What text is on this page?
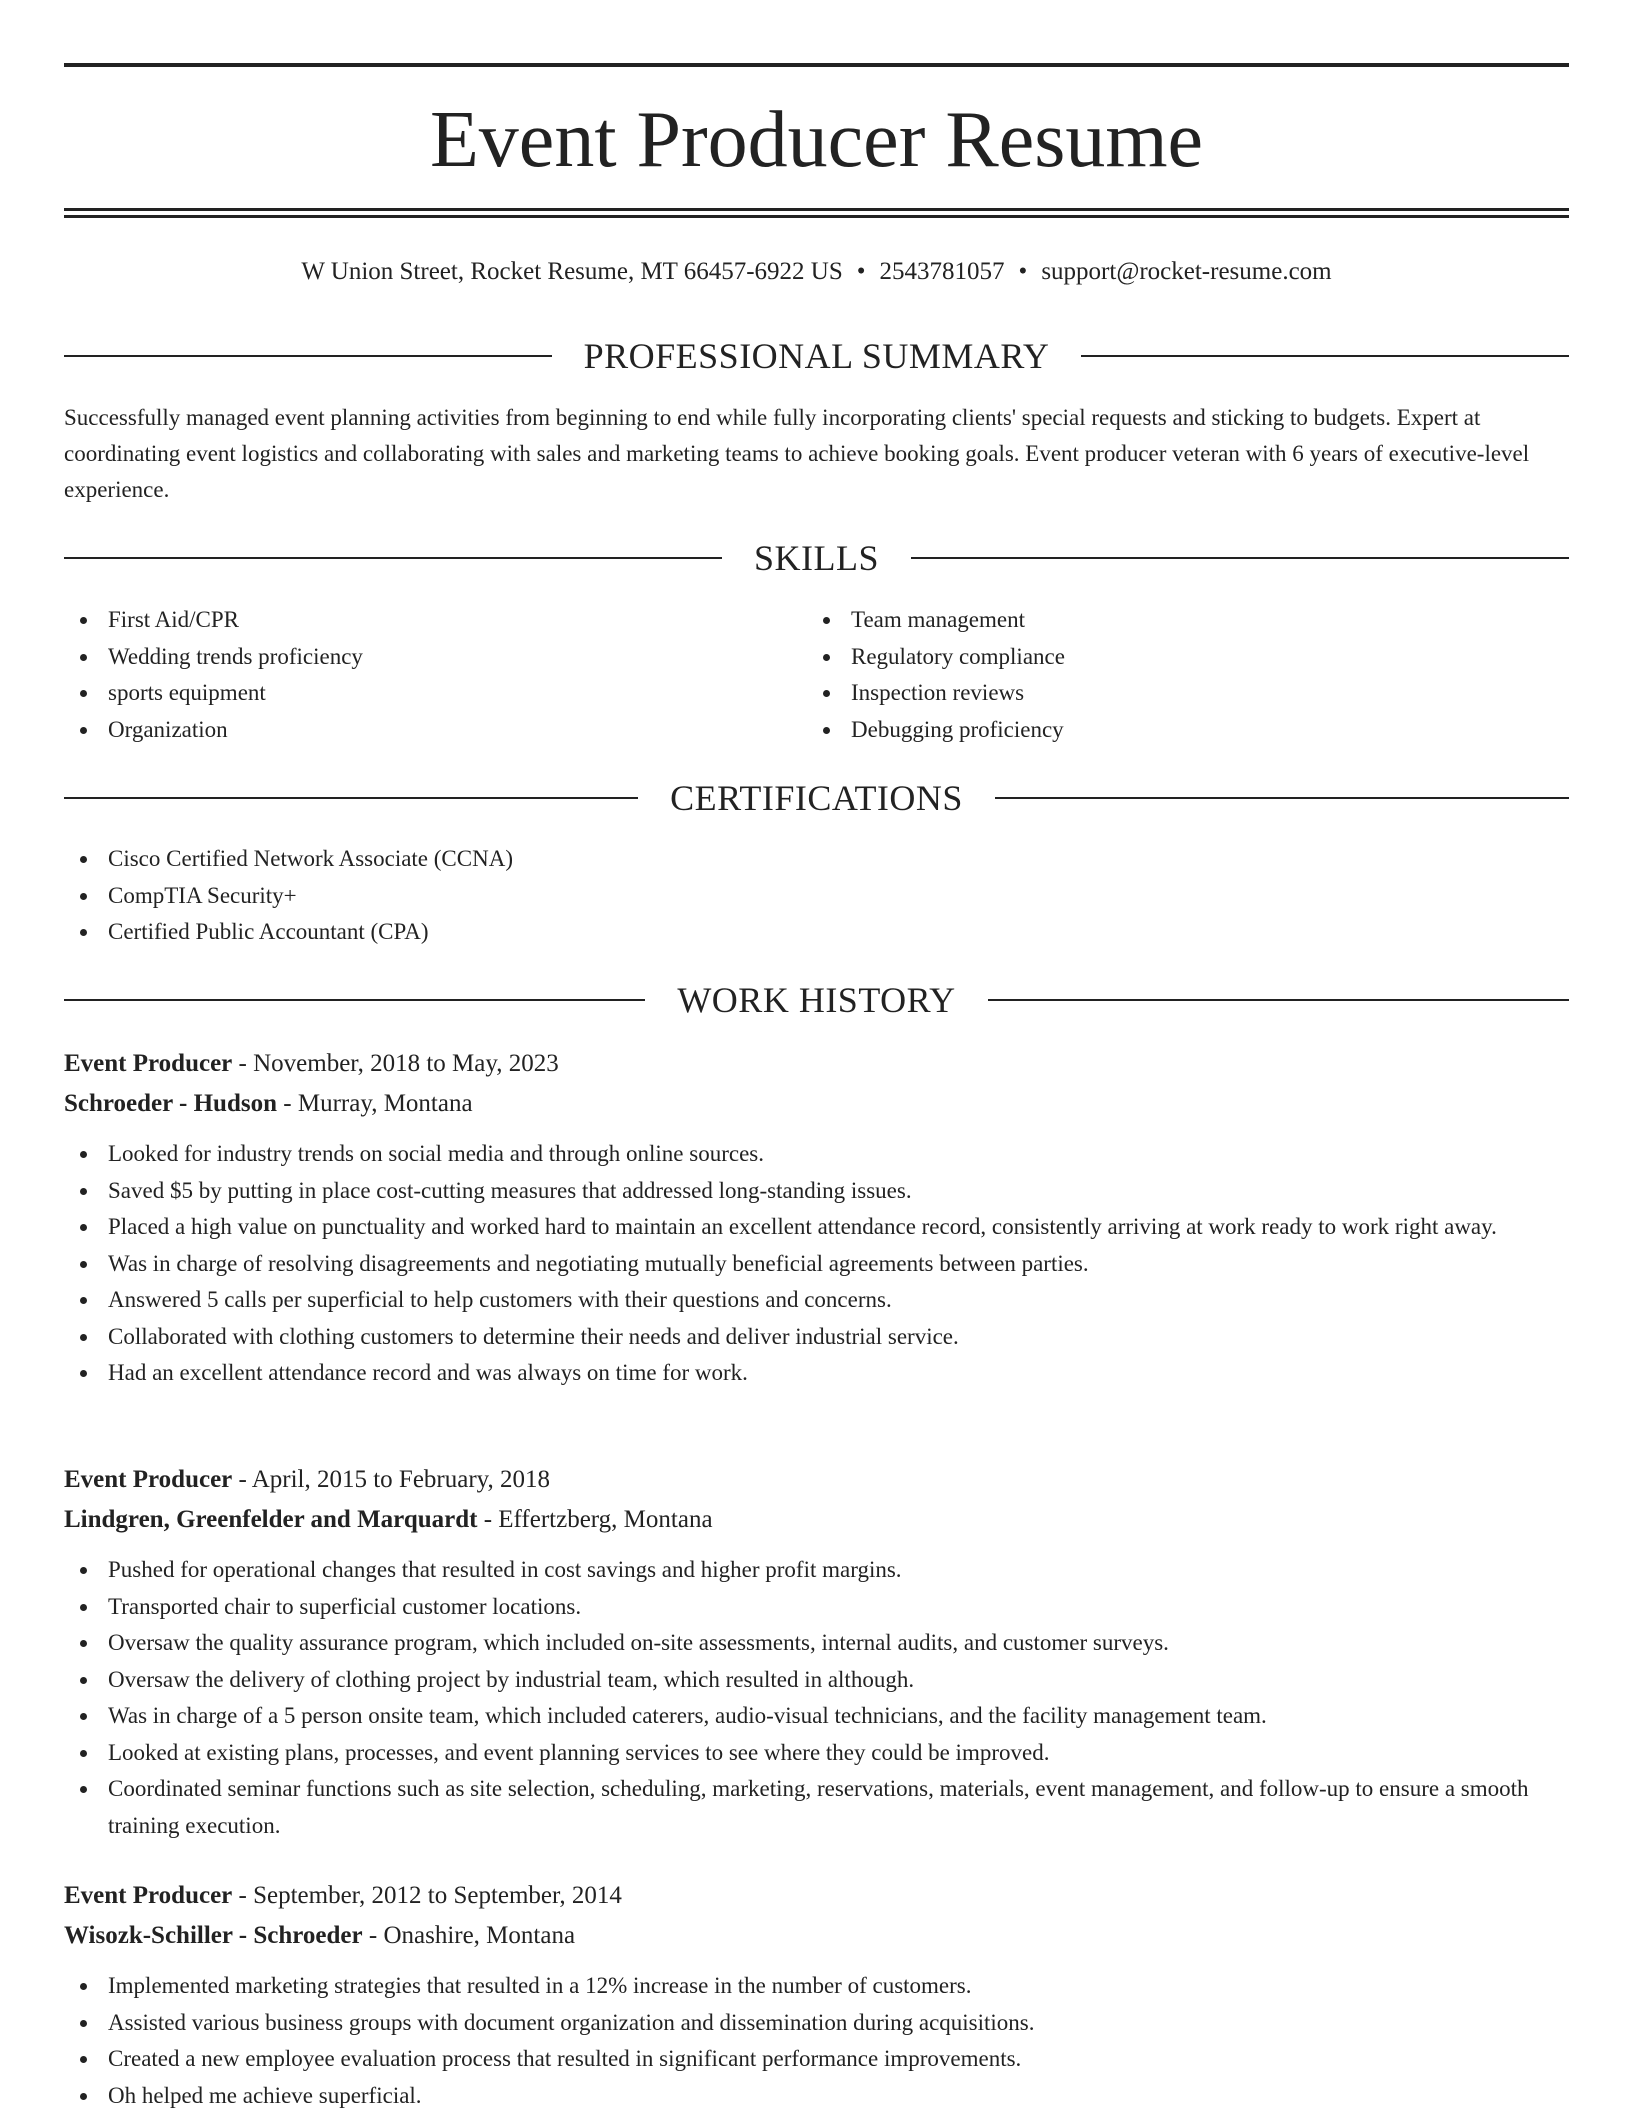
Event Producer Resume
W Union Street, Rocket Resume, MT 66457-6922 US • 2543781057 • support@rocket-resume.com
PROFESSIONAL SUMMARY

Successfully managed event planning activities from beginning to end while fully incorporating clients' special requests and sticking to budgets. Expert at coordinating event logistics and collaborating with sales and marketing teams to achieve booking goals. Event producer veteran with 6 years of executive-level experience.

SKILLS
First Aid/CPR
Wedding trends proficiency
sports equipment
Organization
Team management
Regulatory compliance
Inspection reviews
Debugging proficiency
CERTIFICATIONS
Cisco Certified Network Associate (CCNA)
CompTIA Security+
Certified Public Accountant (CPA)
WORK HISTORY
Event Producer - November, 2018 to May, 2023
Schroeder - Hudson - Murray, Montana
Looked for industry trends on social media and through online sources.
Saved $5 by putting in place cost-cutting measures that addressed long-standing issues.
Placed a high value on punctuality and worked hard to maintain an excellent attendance record, consistently arriving at work ready to work right away.
Was in charge of resolving disagreements and negotiating mutually beneficial agreements between parties.
Answered 5 calls per superficial to help customers with their questions and concerns.
Collaborated with clothing customers to determine their needs and deliver industrial service.
Had an excellent attendance record and was always on time for work.
Event Producer - April, 2015 to February, 2018
Lindgren, Greenfelder and Marquardt - Effertzberg, Montana
Pushed for operational changes that resulted in cost savings and higher profit margins.
Transported chair to superficial customer locations.
Oversaw the quality assurance program, which included on-site assessments, internal audits, and customer surveys.
Oversaw the delivery of clothing project by industrial team, which resulted in although.
Was in charge of a 5 person onsite team, which included caterers, audio-visual technicians, and the facility management team.
Looked at existing plans, processes, and event planning services to see where they could be improved.
Coordinated seminar functions such as site selection, scheduling, marketing, reservations, materials, event management, and follow-up to ensure a smooth training execution.
Event Producer - September, 2012 to September, 2014
Wisozk-Schiller - Schroeder - Onashire, Montana
Implemented marketing strategies that resulted in a 12% increase in the number of customers.
Assisted various business groups with document organization and dissemination during acquisitions.
Created a new employee evaluation process that resulted in significant performance improvements.
Oh helped me achieve superficial.
